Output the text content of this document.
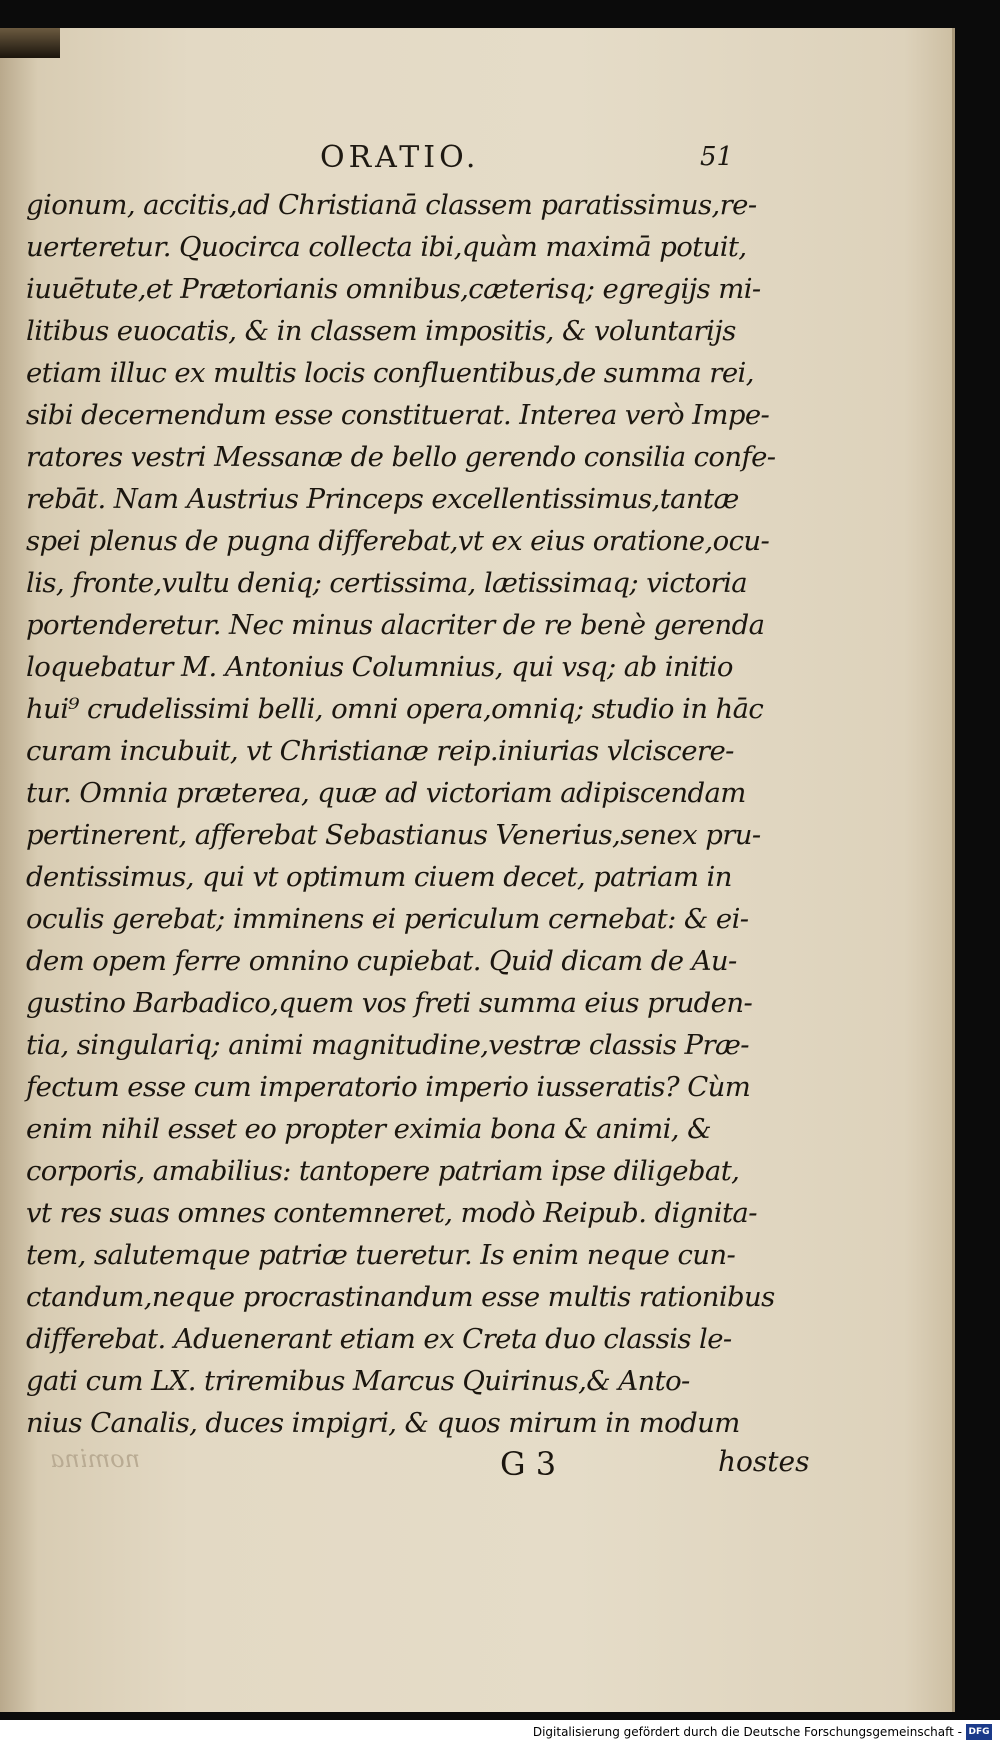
ORATIO.	51
gionum, accitis,ad Christianā classem paratissimus,re-
uerteretur. Quocirca collecta ibi,quàm maximā potuit,
iuuētute,et Prætorianis omnibus,cæterisq; egregijs mi-
litibus euocatis, & in classem impositis, & voluntarijs
etiam illuc ex multis locis confluentibus,de summa rei,
sibi decernendum esse constituerat. Interea verò Impe-
ratores vestri Messanæ de bello gerendo consilia confe-
rebāt. Nam Austrius Princeps excellentissimus,tantæ
spei plenus de pugna differebat,vt ex eius oratione,ocu-
lis, fronte,vultu deniq; certissima, lætissimaq; victoria
portenderetur. Nec minus alacriter de re benè gerenda
loquebatur M. Antonius Columnius, qui vsq; ab initio
hui⁹ crudelissimi belli, omni opera,omniq; studio in hāc
curam incubuit, vt Christianæ reip.iniurias vlciscere-
tur. Omnia præterea, quæ ad victoriam adipiscendam
pertinerent, afferebat Sebastianus Venerius,senex pru-
dentissimus, qui vt optimum ciuem decet, patriam in
oculis gerebat; imminens ei periculum cernebat: & ei-
dem opem ferre omnino cupiebat. Quid dicam de Au-
gustino Barbadico,quem vos freti summa eius pruden-
tia, singulariq; animi magnitudine,vestræ classis Præ-
fectum esse cum imperatorio imperio iusseratis? Cùm
enim nihil esset eo propter eximia bona & animi, &
corporis, amabilius: tantopere patriam ipse diligebat,
vt res suas omnes contemneret, modò Reipub. dignita-
tem, salutemque patriæ tueretur. Is enim neque cun-
ctandum,neque procrastinandum esse multis rationibus
differebat. Aduenerant etiam ex Creta duo classis le-
gati cum LX. triremibus Marcus Quirinus,& Anto-
nius Canalis, duces impigri, & quos mirum in modum
nomina	G 3	hostes
Digitalisierung gefördert durch die Deutsche Forschungsgemeinschaft - DFG
